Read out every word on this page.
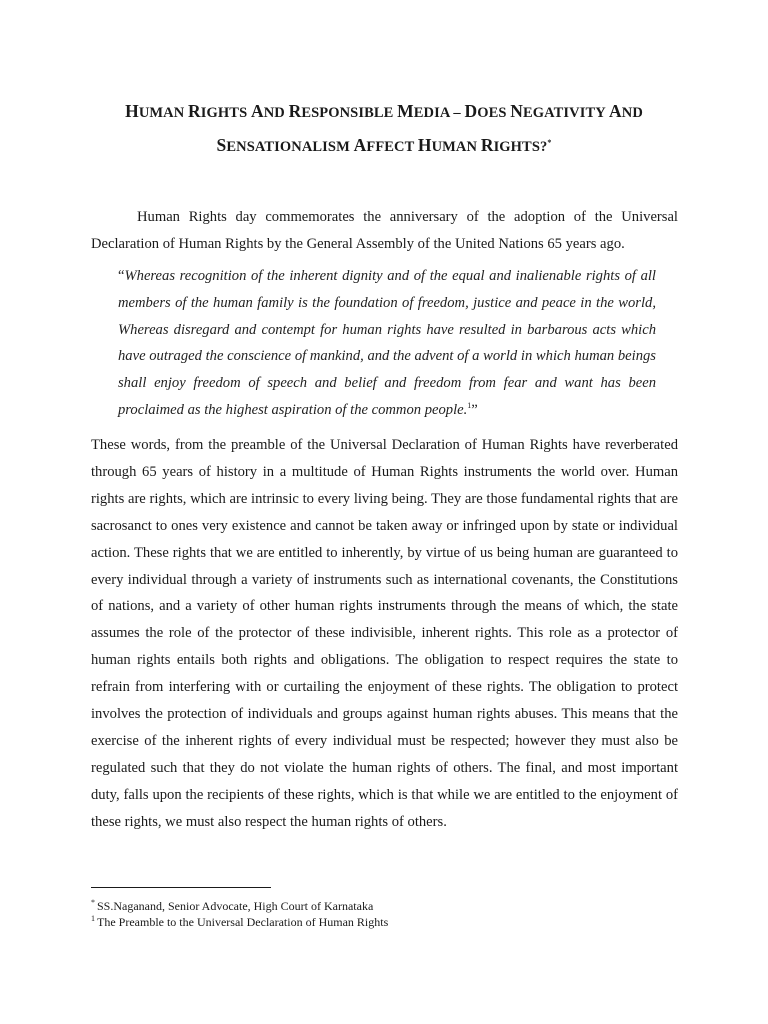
HUMAN RIGHTS AND RESPONSIBLE MEDIA – DOES NEGATIVITY AND
SENSATIONALISM AFFECT HUMAN RIGHTS?*

Human Rights day commemorates the anniversary of the adoption of the Universal Declaration of Human Rights by the General Assembly of the United Nations 65 years ago.

“Whereas recognition of the inherent dignity and of the equal and inalienable rights of all members of the human family is the foundation of freedom, justice and peace in the world, Whereas disregard and contempt for human rights have resulted in barbarous acts which have outraged the conscience of mankind, and the advent of a world in which human beings shall enjoy freedom of speech and belief and freedom from fear and want has been proclaimed as the highest aspiration of the common people.$^1$”

These words, from the preamble of the Universal Declaration of Human Rights have reverberated through 65 years of history in a multitude of Human Rights instruments the world over. Human rights are rights, which are intrinsic to every living being. They are those fundamental rights that are sacrosanct to ones very existence and cannot be taken away or infringed upon by state or individual action. These rights that we are entitled to inherently, by virtue of us being human are guaranteed to every individual through a variety of instruments such as international covenants, the Constitutions of nations, and a variety of other human rights instruments through the means of which, the state assumes the role of the protector of these indivisible, inherent rights. This role as a protector of human rights entails both rights and obligations. The obligation to respect requires the state to refrain from interfering with or curtailing the enjoyment of these rights. The obligation to protect involves the protection of individuals and groups against human rights abuses. This means that the exercise of the inherent rights of every individual must be respected; however they must also be regulated such that they do not violate the human rights of others. The final, and most important duty, falls upon the recipients of these rights, which is that while we are entitled to the enjoyment of these rights, we must also respect the human rights of others.

* SS.Naganand, Senior Advocate, High Court of Karnataka

$^1$ The Preamble to the Universal Declaration of Human Rights
